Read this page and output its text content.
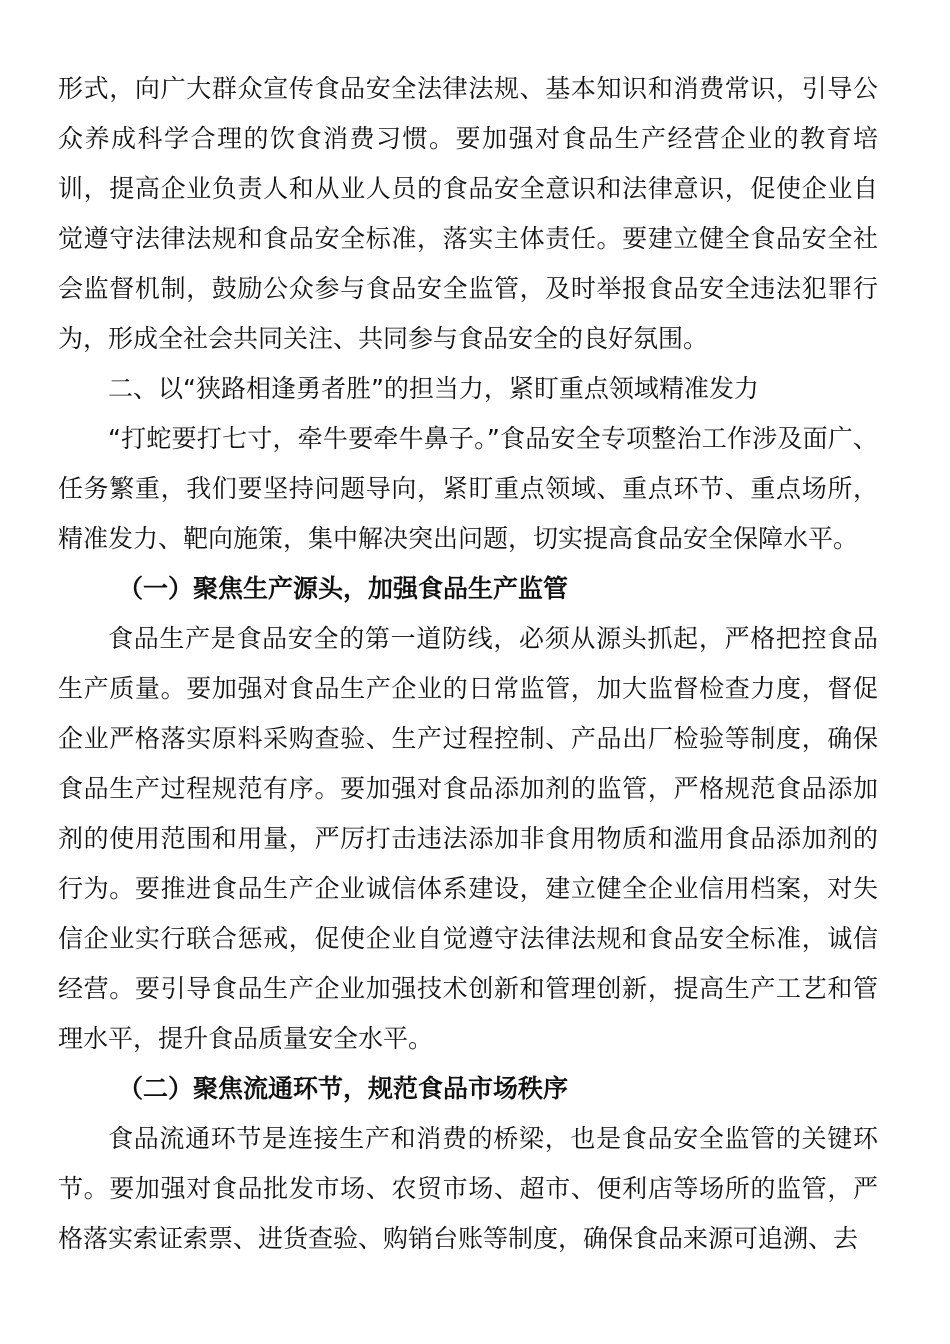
形式，向广大群众宣传食品安全法律法规、基本知识和消费常识，引导公众养成科学合理的饮食消费习惯。要加强对食品生产经营企业的教育培训，提高企业负责人和从业人员的食品安全意识和法律意识，促使企业自觉遵守法律法规和食品安全标准，落实主体责任。要建立健全食品安全社会监督机制，鼓励公众参与食品安全监管，及时举报食品安全违法犯罪行为，形成全社会共同关注、共同参与食品安全的良好氛围。

二、以“狭路相逢勇者胜”的担当力，紧盯重点领域精准发力

“打蛇要打七寸，牵牛要牵牛鼻子。”食品安全专项整治工作涉及面广、任务繁重，我们要坚持问题导向，紧盯重点领域、重点环节、重点场所，精准发力、靶向施策，集中解决突出问题，切实提高食品安全保障水平。

（一）聚焦生产源头，加强食品生产监管

食品生产是食品安全的第一道防线，必须从源头抓起，严格把控食品生产质量。要加强对食品生产企业的日常监管，加大监督检查力度，督促企业严格落实原料采购查验、生产过程控制、产品出厂检验等制度，确保食品生产过程规范有序。要加强对食品添加剂的监管，严格规范食品添加剂的使用范围和用量，严厉打击违法添加非食用物质和滥用食品添加剂的行为。要推进食品生产企业诚信体系建设，建立健全企业信用档案，对失信企业实行联合惩戒，促使企业自觉遵守法律法规和食品安全标准，诚信经营。要引导食品生产企业加强技术创新和管理创新，提高生产工艺和管理水平，提升食品质量安全水平。

（二）聚焦流通环节，规范食品市场秩序

食品流通环节是连接生产和消费的桥梁，也是食品安全监管的关键环节。要加强对食品批发市场、农贸市场、超市、便利店等场所的监管，严格落实索证索票、进货查验、购销台账等制度，确保食品来源可追溯、去
